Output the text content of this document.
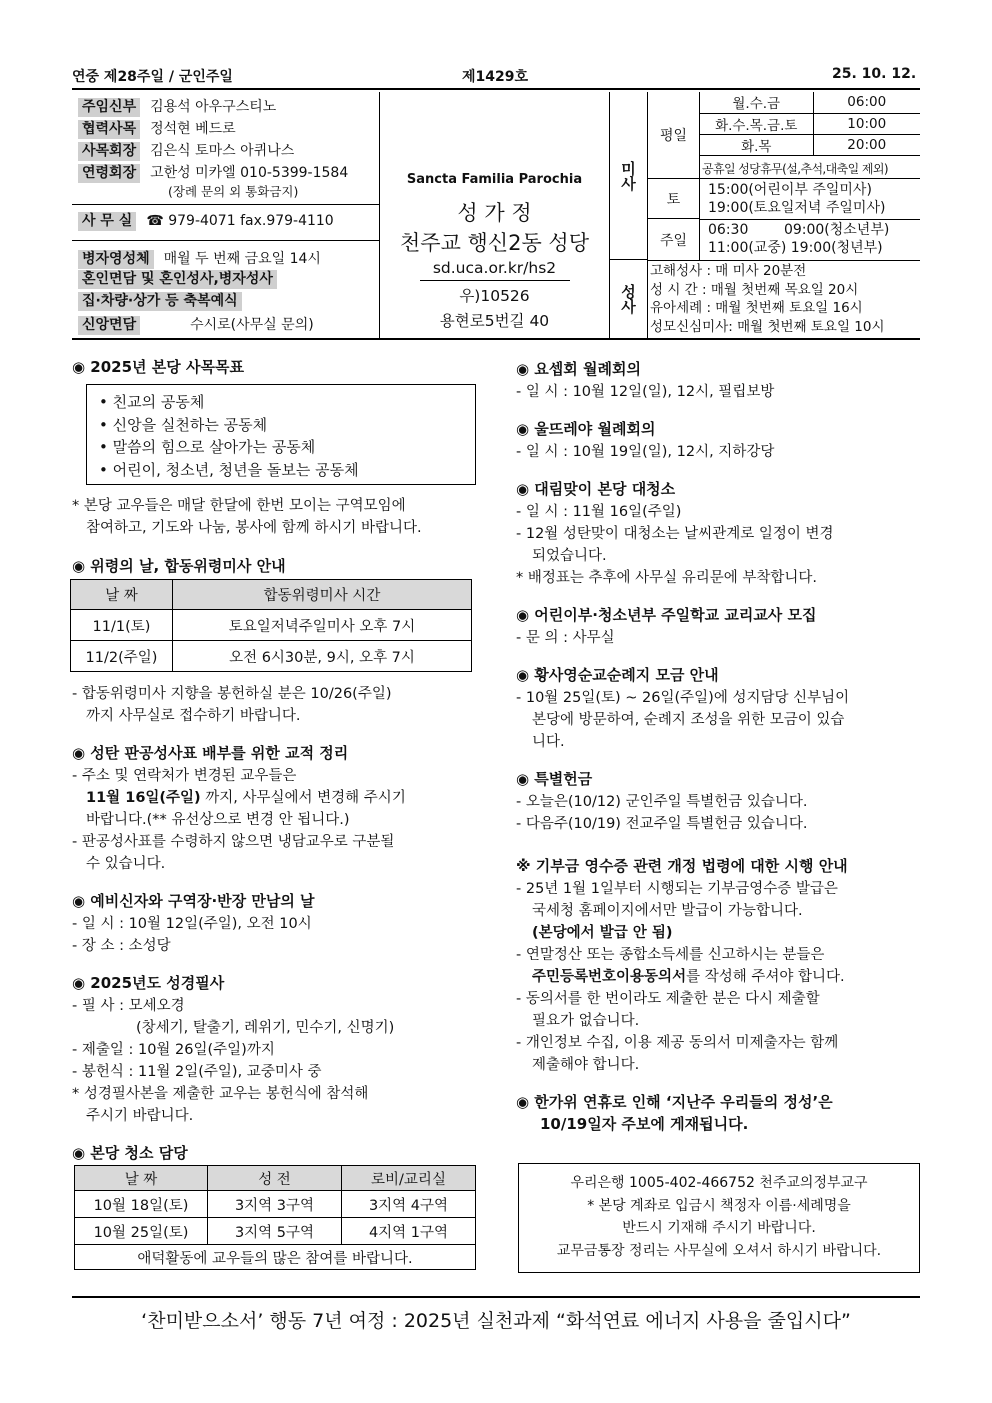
연중 제28주일 / 군인주일	제1429호	25. 10. 12.
주임신부 김용석 아우구스티노
협력사목 정석현 베드로
사목회장 김은식 토마스 아퀴나스
연령회장 고한성 미카엘 010-5399-1584
(장례 문의 외 통화금지)
사 무 실 ☎ 979-4071 fax.979-4110
병자영성체 매월 두 번째 금요일 14시
혼인면담 및 혼인성사,병자성사
집·차량·상가 등 축복예식
신앙면담	수시로(사무실 문의)
Sancta Familia Parochia
성 가 정
천주교 행신2동 성당
sd.uca.or.kr/hs2
우)10526
용현로5번길 40
미사
평일
월.수.금	06:00
화.수.목.금.토	10:00
화.목	20:00
공휴일 성당휴무(설,추석,대축일 제외)
토
15:00(어린이부 주일미사)
19:00(토요일저녁 주일미사)
주일
06:30        09:00(청소년부)
11:00(교중) 19:00(청년부)
성사
고해성사 : 매 미사 20분전
성 시 간 : 매월 첫번째 목요일 20시
유아세례 : 매월 첫번째 토요일 16시
성모신심미사: 매월 첫번째 토요일 10시
◉ 2025년 본당 사목목표
• 친교의 공동체
• 신앙을 실천하는 공동체
• 말씀의 힘으로 살아가는 공동체
• 어린이, 청소년, 청년을 돌보는 공동체
* 본당 교우들은 매달 한달에 한번 모이는 구역모임에
참여하고, 기도와 나눔, 봉사에 함께 하시기 바랍니다.
◉ 위령의 날, 합동위령미사 안내
날 짜	합동위령미사 시간
11/1(토)	토요일저녁주일미사 오후 7시
11/2(주일)	오전 6시30분, 9시, 오후 7시
- 합동위령미사 지향을 봉헌하실 분은 10/26(주일)
까지 사무실로 접수하기 바랍니다.
◉ 성탄 판공성사표 배부를 위한 교적 정리
- 주소 및 연락처가 변경된 교우들은
11월 16일(주일) 까지, 사무실에서 변경해 주시기
바랍니다.(** 유선상으로 변경 안 됩니다.)
- 판공성사표를 수령하지 않으면 냉담교우로 구분될
수 있습니다.
◉ 예비신자와 구역장·반장 만남의 날
- 일 시 : 10월 12일(주일), 오전 10시
- 장 소 : 소성당
◉ 2025년도 성경필사
- 필 사 : 모세오경
(창세기, 탈출기, 레위기, 민수기, 신명기)
- 제출일 : 10월 26일(주일)까지
- 봉헌식 : 11월 2일(주일), 교중미사 중
* 성경필사본을 제출한 교우는 봉헌식에 참석해
주시기 바랍니다.
◉ 본당 청소 담당
날 짜	성 전	로비/교리실
10월 18일(토)	3지역 3구역	3지역 4구역
10월 25일(토)	3지역 5구역	4지역 1구역
애덕활동에 교우들의 많은 참여를 바랍니다.		
◉ 요셉회 월례회의
- 일 시 : 10월 12일(일), 12시, 필립보방
◉ 울뜨레야 월례회의
- 일 시 : 10월 19일(일), 12시, 지하강당
◉ 대림맞이 본당 대청소
- 일 시 : 11월 16일(주일)
- 12월 성탄맞이 대청소는 날씨관계로 일정이 변경
되었습니다.
* 배정표는 추후에 사무실 유리문에 부착합니다.
◉ 어린이부·청소년부 주일학교 교리교사 모집
- 문 의 : 사무실
◉ 황사영순교순례지 모금 안내
- 10월 25일(토) ~ 26일(주일)에 성지담당 신부님이
본당에 방문하여, 순례지 조성을 위한 모금이 있습
니다.
◉ 특별헌금
- 오늘은(10/12) 군인주일 특별헌금 있습니다.
- 다음주(10/19) 전교주일 특별헌금 있습니다.
※ 기부금 영수증 관련 개정 법령에 대한 시행 안내
- 25년 1월 1일부터 시행되는 기부금영수증 발급은
국세청 홈페이지에서만 발급이 가능합니다.
(본당에서 발급 안 됨)
- 연말정산 또는 종합소득세를 신고하시는 분들은
주민등록번호이용동의서를 작성해 주셔야 합니다.
- 동의서를 한 번이라도 제출한 분은 다시 제출할
필요가 없습니다.
- 개인정보 수집, 이용 제공 동의서 미제출자는 함께
제출해야 합니다.
◉ 한가위 연휴로 인해 ‘지난주 우리들의 정성’은
10/19일자 주보에 게재됩니다.
우리은행 1005-402-466752 천주교의정부교구
* 본당 계좌로 입금시 책정자 이름·세례명을
반드시 기재해 주시기 바랍니다.
교무금통장 정리는 사무실에 오셔서 하시기 바랍니다.
‘찬미받으소서’ 행동 7년 여정 : 2025년 실천과제 “화석연료 에너지 사용을 줄입시다”
